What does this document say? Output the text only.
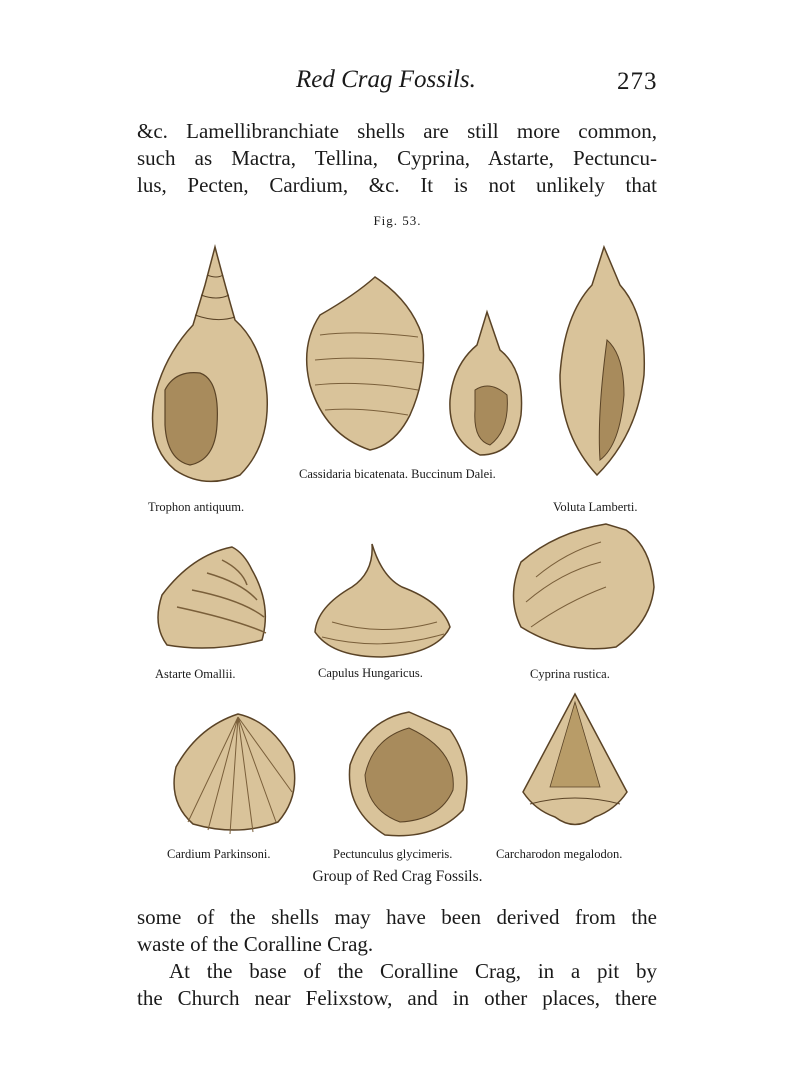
Red Crag Fossils.	273
&c. Lamellibranchiate shells are still more common,
such as Mactra, Tellina, Cyprina, Astarte, Pectuncu-
lus, Pecten, Cardium, &c. It is not unlikely that
Fig. 53.
Trophon antiquum.
Cassidaria bicatenata. Buccinum Dalei.
Voluta Lamberti.
Astarte Omallii.	Capulus Hungaricus.	Cyprina rustica.
Cardium Parkinsoni.	Pectunculus glycimeris.	Carcharodon megalodon.
Group of Red Crag Fossils.
some of the shells may have been derived from the
waste of the Coralline Crag.
At the base of the Coralline Crag, in a pit by
the Church near Felixstow, and in other places, there
